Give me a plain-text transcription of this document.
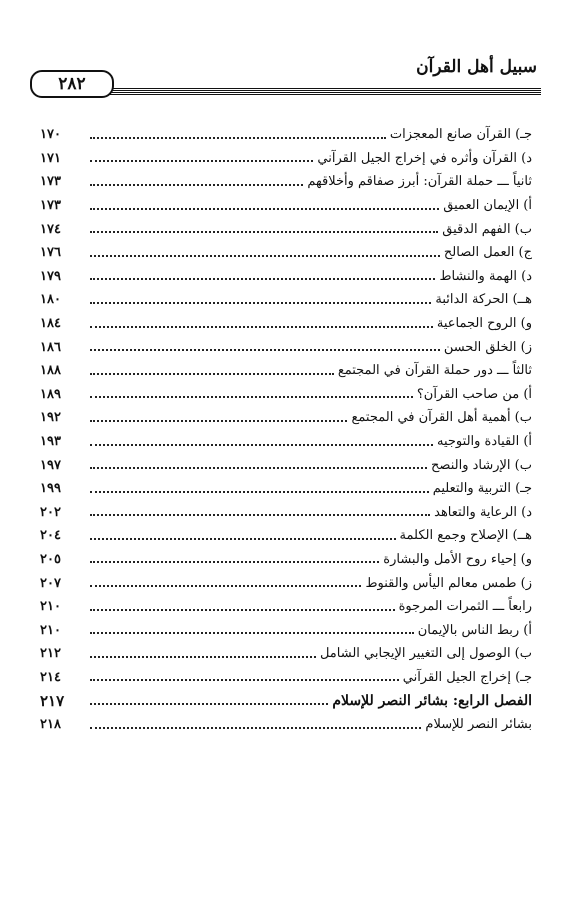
سبيل أهل القرآن
٢٨٢
جـ) القرآن صانع المعجزات
١٧٠
د) القرآن وأثره في إخراج الجيل القرآني
١٧١
ثانياً ـــ حملة القرآن: أبرز صفاقم وأخلاقهم
١٧٣
أ) الإيمان العميق
١٧٣
ب) الفهم الدقيق
١٧٤
ج) العمل الصالح
١٧٦
د) الهمة والنشاط
١٧٩
هــ) الحركة الدائبة
١٨٠
و) الروح الجماعية
١٨٤
ز) الخلق الحسن
١٨٦
ثالثاً ـــ دور حملة القرآن في المجتمع
١٨٨
أ) من صاحب القرآن؟
١٨٩
ب) أهمية أهل القرآن في المجتمع
١٩٢
أ) القيادة والتوجيه
١٩٣
ب) الإرشاد والنصح
١٩٧
جـ) التربية والتعليم
١٩٩
د) الرعاية والتعاهد
٢٠٢
هــ) الإصلاح وجمع الكلمة
٢٠٤
و) إحياء روح الأمل والبشارة
٢٠٥
ز) طمس معالم اليأس والقنوط
٢٠٧
رابعاً ـــ الثمرات المرجوة
٢١٠
أ) ربط الناس بالإيمان
٢١٠
ب) الوصول إلى التغيير الإيجابي الشامل
٢١٢
جـ) إخراج الجيل القرآني
٢١٤
الفصل الرابع: بشائر النصر للإسلام
٢١٧
بشائر النصر للإسلام
٢١٨
